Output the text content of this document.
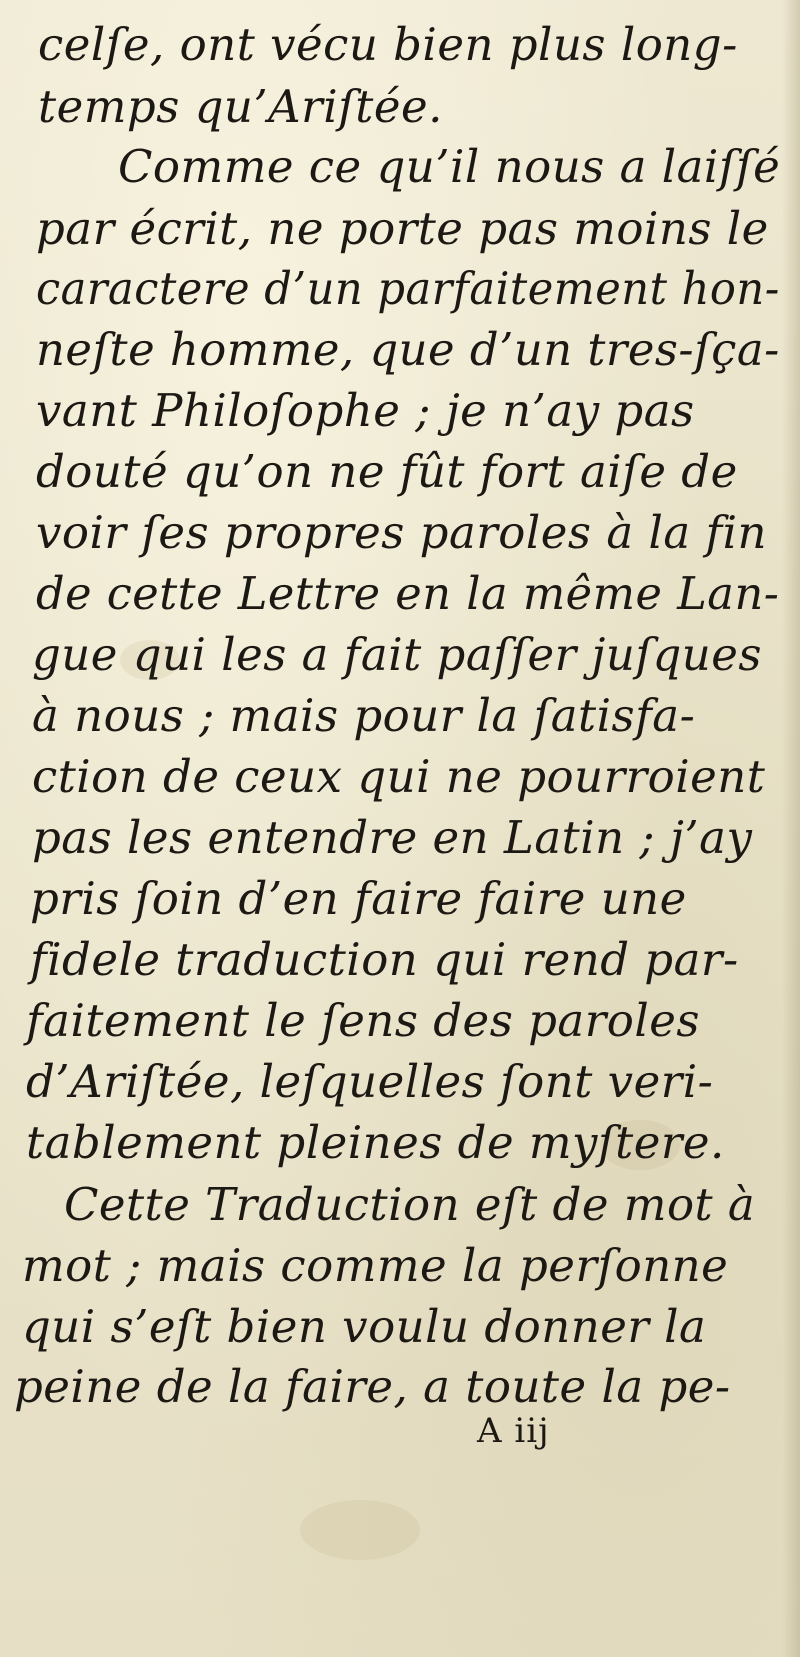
celſe, ont vécu bien plus long-
temps qu’Ariſtée.
Comme ce qu’il nous a laiſſé
par écrit, ne porte pas moins le
caractere d’un parfaitement hon-
neſte homme, que d’un tres-ſça-
vant Philoſophe ; je n’ay pas
douté qu’on ne fût fort aiſe de
voir ſes propres paroles à la fin
de cette Lettre en la même Lan-
gue qui les a fait paſſer juſques
à nous ; mais pour la ſatisfa-
ction de ceux qui ne pourroient
pas les entendre en Latin ; j’ay
pris ſoin d’en faire faire une
fidele traduction qui rend par-
faitement le ſens des paroles
d’Ariſtée, leſquelles ſont veri-
tablement pleines de myſtere.
Cette Traduction eſt de mot à
mot ; mais comme la perſonne
qui s’eſt bien voulu donner la
peine de la faire, a toute la pe-
A iij
